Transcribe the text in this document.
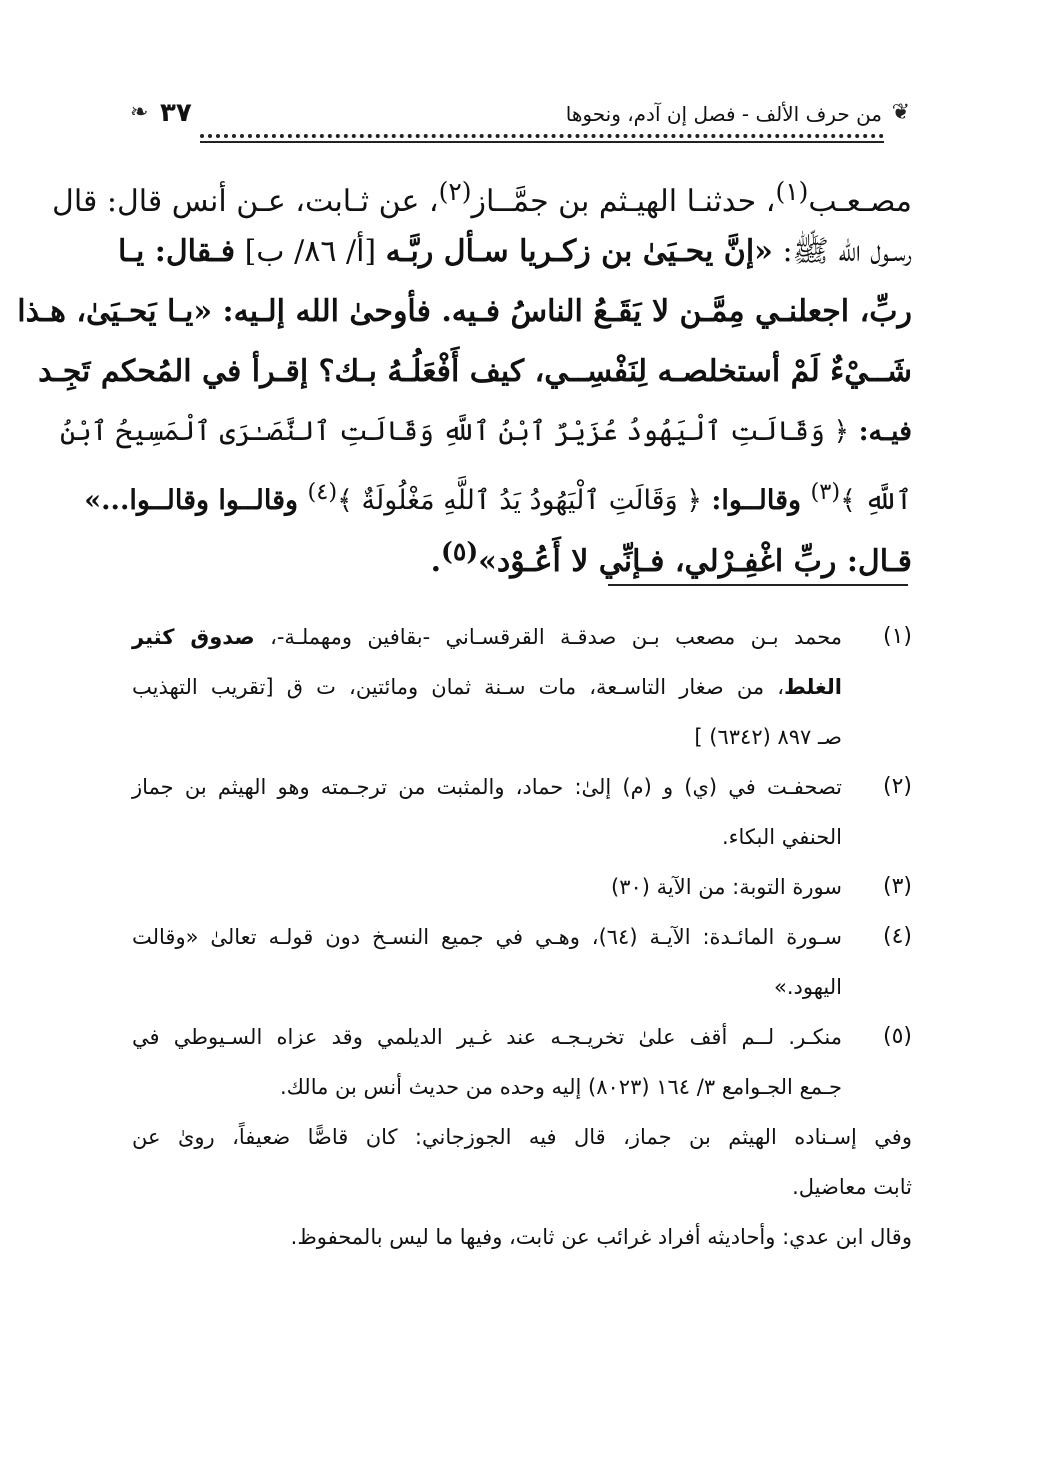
❦
من حرف الألف - فصل إن آدم، ونحوها
٣٧
❧
مصـعـب$^{(١)}$، حدثنـا الهيـثم بن جمَّــاز$^{(٢)}$، عن ثـابت، عـن أنس قال: قال
رسـول الله ﷺ: «إنَّ يحـيَىٰ بن زكـريا سـأل ربَّـه [أ/ ٨٦/ ب] فـقال: يـا
ربِّ، اجعلنـي مِمَّـن لا يَقَـعُ الناسُ فـيه. فأوحىٰ الله إلـيه: «يـا يَحـيَىٰ، هـذا
شَــيْءٌ لَمْ أستخلصـه لِنَفْسِــي، كيف أَفْعَلُـهُ بـك؟ إقـرأ في المُحكم تَجِـد
فيـه: ﴿ وَقَالَتِ ٱلْيَهُودُ عُزَيْرٌ ٱبْنُ ٱللَّهِ وَقَالَتِ ٱلنَّصَـٰرَى ٱلْمَسِيحُ ٱبْنُ
ٱللَّهِ ﴾$^{(٣)}$ وقالــوا: ﴿ وَقَالَتِ ٱلْيَهُودُ يَدُ ٱللَّهِ مَغْلُولَةٌ ﴾$^{(٤)}$ وقالــوا وقالــوا...»
قـال: ربِّ اغْفِـرْلي، فـإنِّي لا أَعُـوْد»$^{(٥)}$.
(١)
محمد بـن مصعب بـن صدقـة القرقسـاني -بقافين ومهملـة-، صدوق كثير
الغلط، من صغار التاسـعة، مات سـنة ثمان ومائتين، ت ق [تقريب التهذيب
صـ ٨٩٧ (٦٣٤٢) ]
(٢)
تصحفـت في (ي) و (م) إلىٰ: حماد، والمثبت من ترجـمته وهو الهيثم بن جماز
الحنفي البكاء.
(٣)
سورة التوبة: من الآية (٣٠)
(٤)
سـورة المائـدة: الآيـة (٦٤)، وهـي في جميع النسـخ دون قولـه تعالىٰ «وقالت
اليهود.»
(٥)
منكـر. لــم أقف علىٰ تخريـجـه عند غـير الديلمي وقد عزاه السـيوطي في
جـمع الجـوامع ٣/ ١٦٤ (٨٠٢٣) إليه وحده من حديث أنس بن مالك.
وفي إسـناده الهيثم بن جماز، قال فيه الجوزجاني: كان قاصًّا ضعيفاً، روىٰ عن
ثابت معاضيل.
وقال ابن عدي: وأحاديثه أفراد غرائب عن ثابت، وفيها ما ليس بالمحفوظ.
